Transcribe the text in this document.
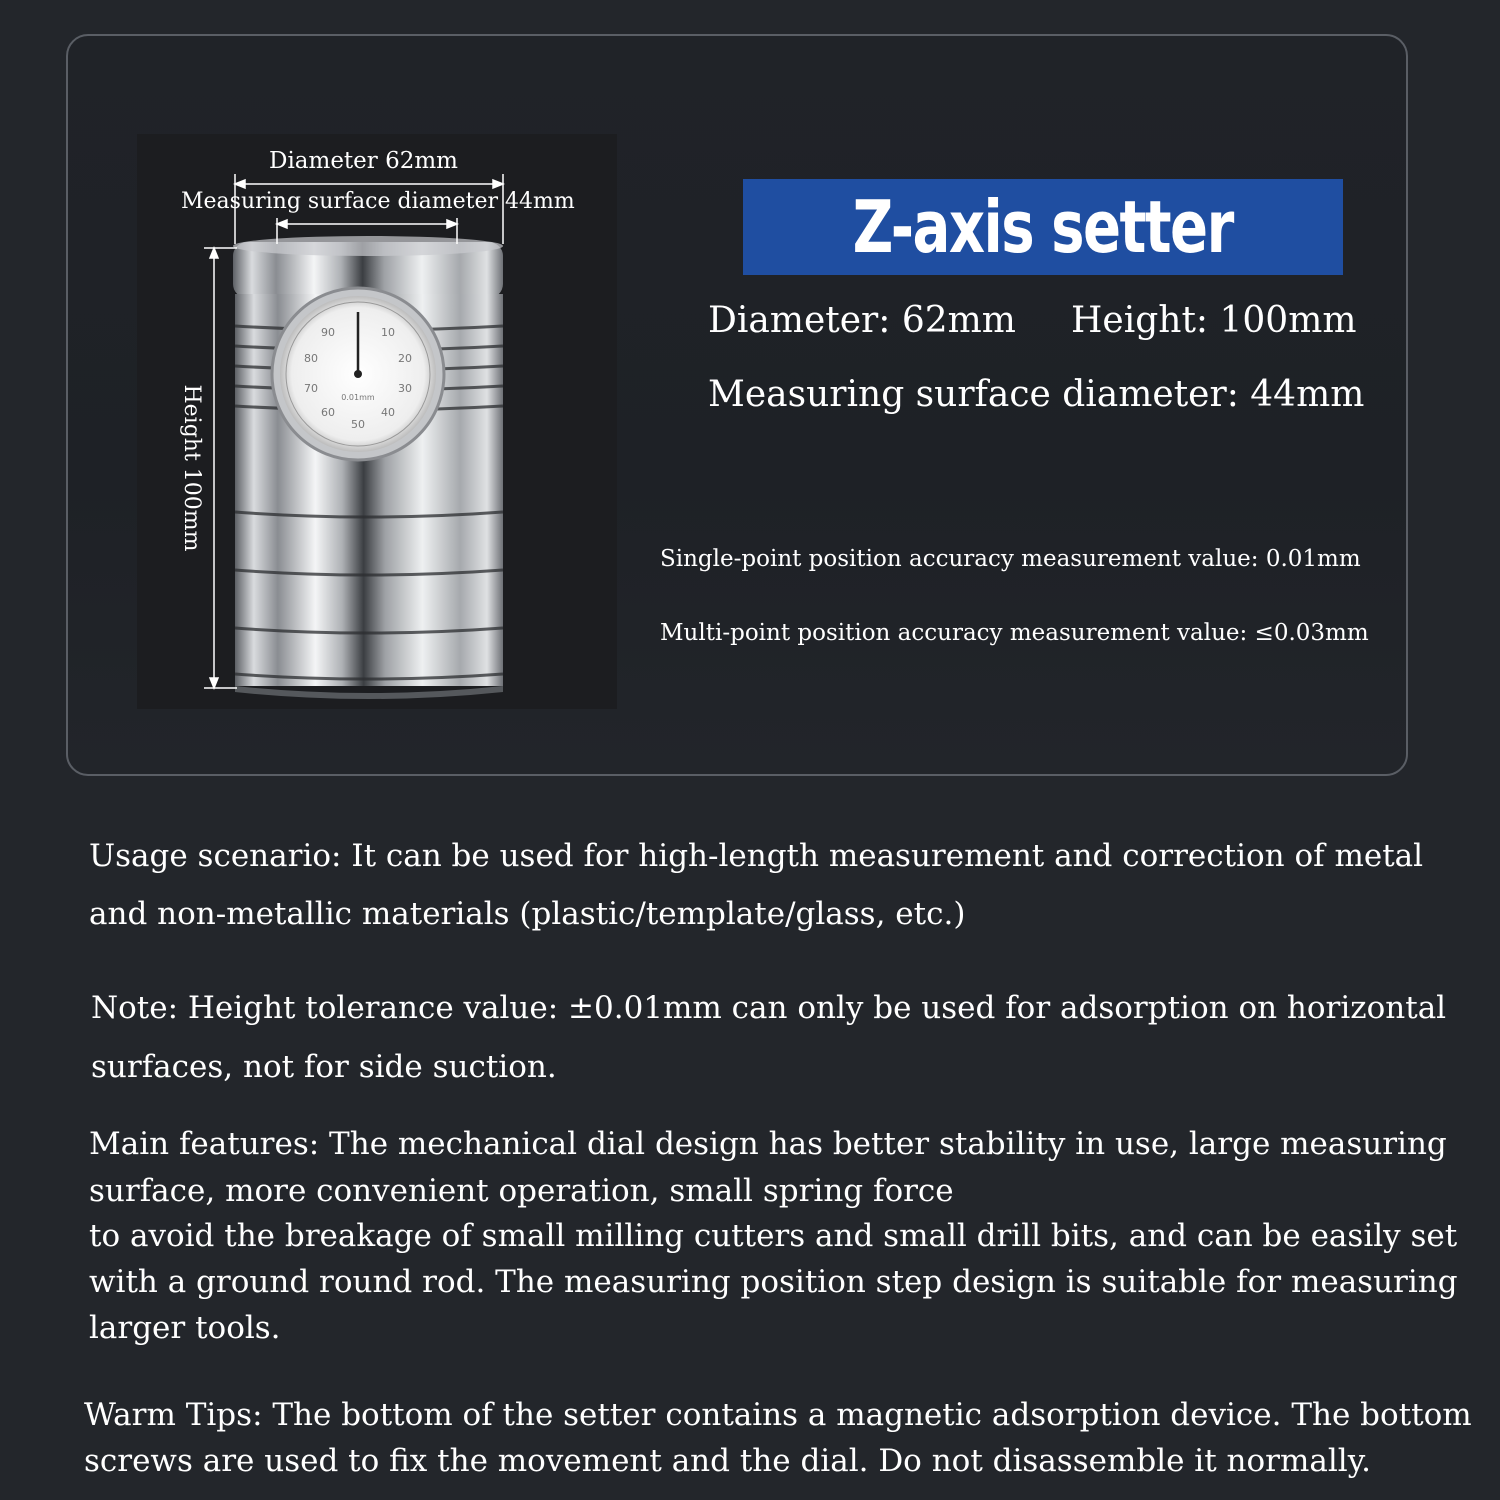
90	10
80	20
70	30
60	40
50
0.01mm
Diameter 62mm
Measuring surface diameter 44mm
Height 100mm
Z-axis setter
Diameter: 62mm Height: 100mm
Measuring surface diameter: 44mm
Single-point position accuracy measurement value: 0.01mm
Multi-point position accuracy measurement value: ≤0.03mm

Usage scenario: It can be used for high-length measurement and correction of metal

and non-metallic materials (plastic/template/glass, etc.)

Note: Height tolerance value: ±0.01mm can only be used for adsorption on horizontal

surfaces, not for side suction.

Main features: The mechanical dial design has better stability in use, large measuring

surface, more convenient operation, small spring force

to avoid the breakage of small milling cutters and small drill bits, and can be easily set

with a ground round rod. The measuring position step design is suitable for measuring

larger tools.

Warm Tips: The bottom of the setter contains a magnetic adsorption device. The bottom

screws are used to fix the movement and the dial. Do not disassemble it normally.
